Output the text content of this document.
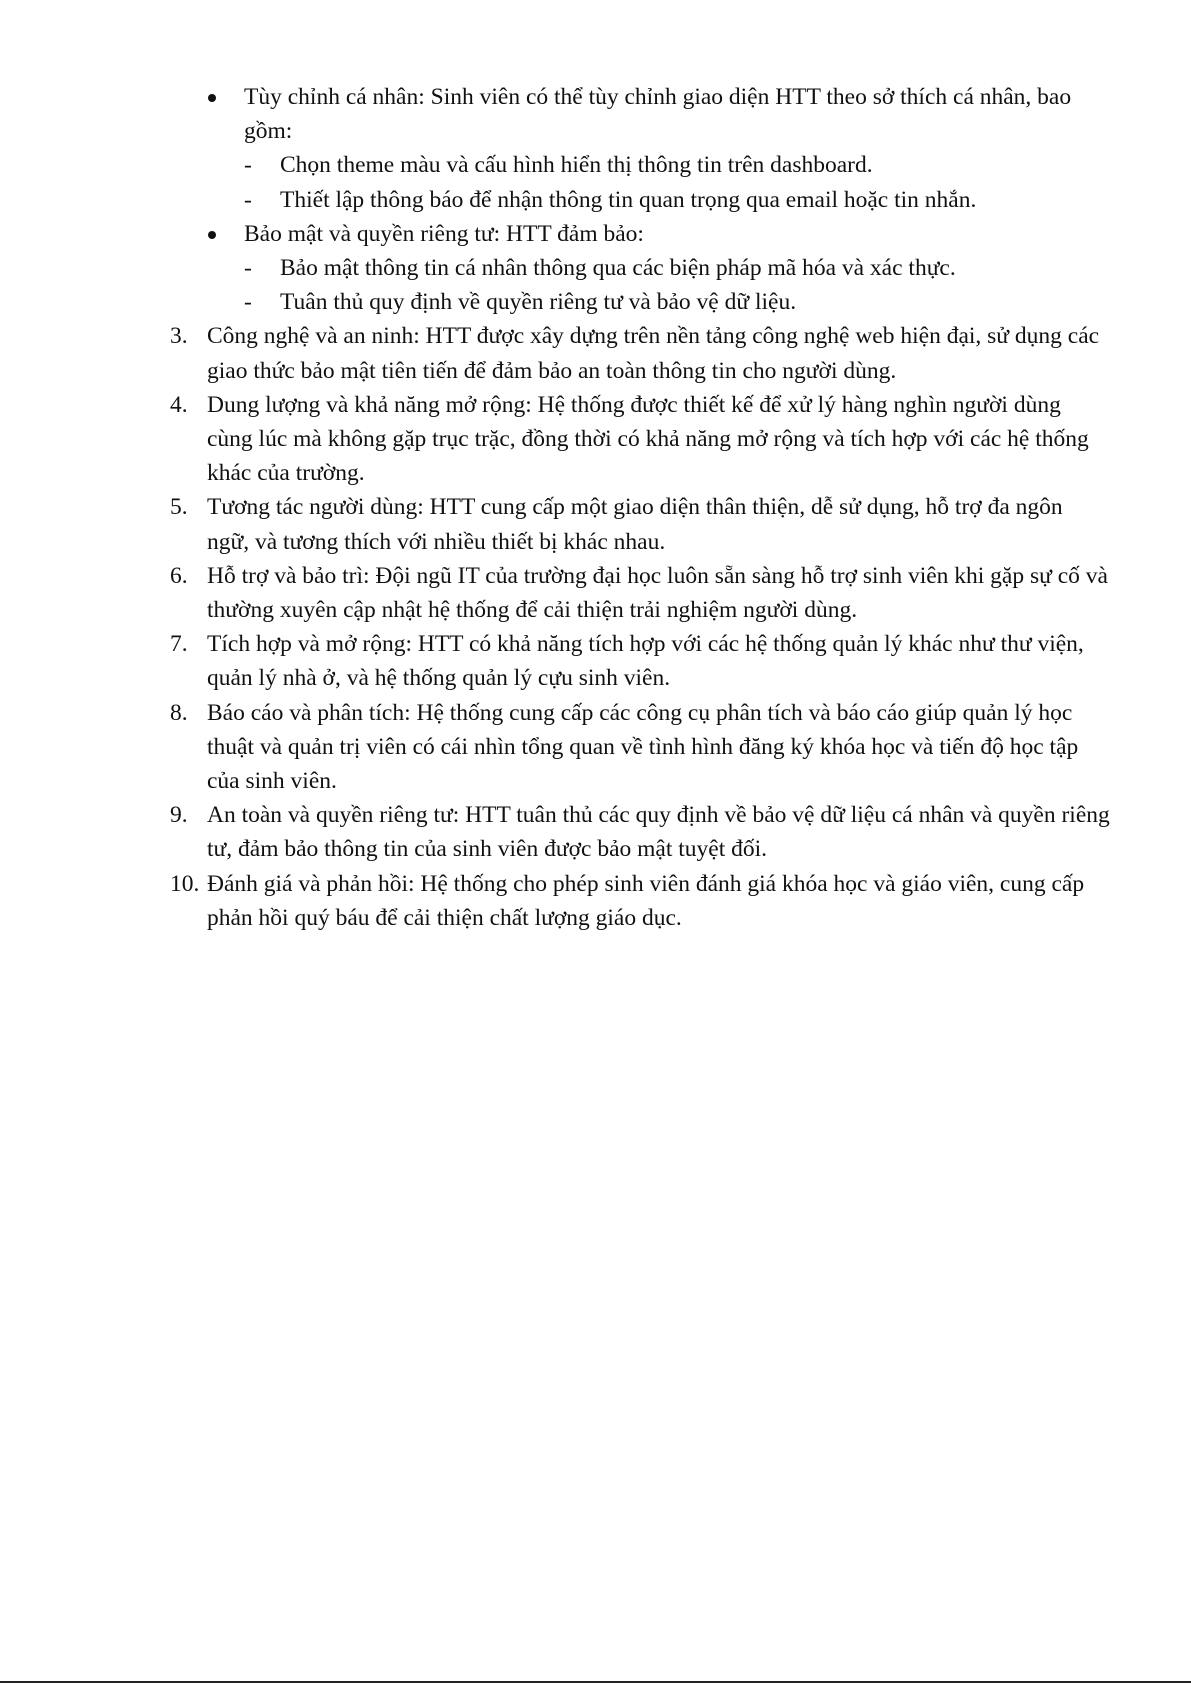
Tùy chỉnh cá nhân: Sinh viên có thể tùy chỉnh giao diện HTT theo sở thích cá nhân, bao gồm:
- Chọn theme màu và cấu hình hiển thị thông tin trên dashboard.
- Thiết lập thông báo để nhận thông tin quan trọng qua email hoặc tin nhắn.
Bảo mật và quyền riêng tư: HTT đảm bảo:
- Bảo mật thông tin cá nhân thông qua các biện pháp mã hóa và xác thực.
- Tuân thủ quy định về quyền riêng tư và bảo vệ dữ liệu.
3. Công nghệ và an ninh: HTT được xây dựng trên nền tảng công nghệ web hiện đại, sử dụng các giao thức bảo mật tiên tiến để đảm bảo an toàn thông tin cho người dùng.
4. Dung lượng và khả năng mở rộng: Hệ thống được thiết kế để xử lý hàng nghìn người dùng cùng lúc mà không gặp trục trặc, đồng thời có khả năng mở rộng và tích hợp với các hệ thống khác của trường.
5. Tương tác người dùng: HTT cung cấp một giao diện thân thiện, dễ sử dụng, hỗ trợ đa ngôn ngữ, và tương thích với nhiều thiết bị khác nhau.
6. Hỗ trợ và bảo trì: Đội ngũ IT của trường đại học luôn sẵn sàng hỗ trợ sinh viên khi gặp sự cố và thường xuyên cập nhật hệ thống để cải thiện trải nghiệm người dùng.
7. Tích hợp và mở rộng: HTT có khả năng tích hợp với các hệ thống quản lý khác như thư viện, quản lý nhà ở, và hệ thống quản lý cựu sinh viên.
8. Báo cáo và phân tích: Hệ thống cung cấp các công cụ phân tích và báo cáo giúp quản lý học thuật và quản trị viên có cái nhìn tổng quan về tình hình đăng ký khóa học và tiến độ học tập của sinh viên.
9. An toàn và quyền riêng tư: HTT tuân thủ các quy định về bảo vệ dữ liệu cá nhân và quyền riêng tư, đảm bảo thông tin của sinh viên được bảo mật tuyệt đối.
10. Đánh giá và phản hồi: Hệ thống cho phép sinh viên đánh giá khóa học và giáo viên, cung cấp phản hồi quý báu để cải thiện chất lượng giáo dục.
